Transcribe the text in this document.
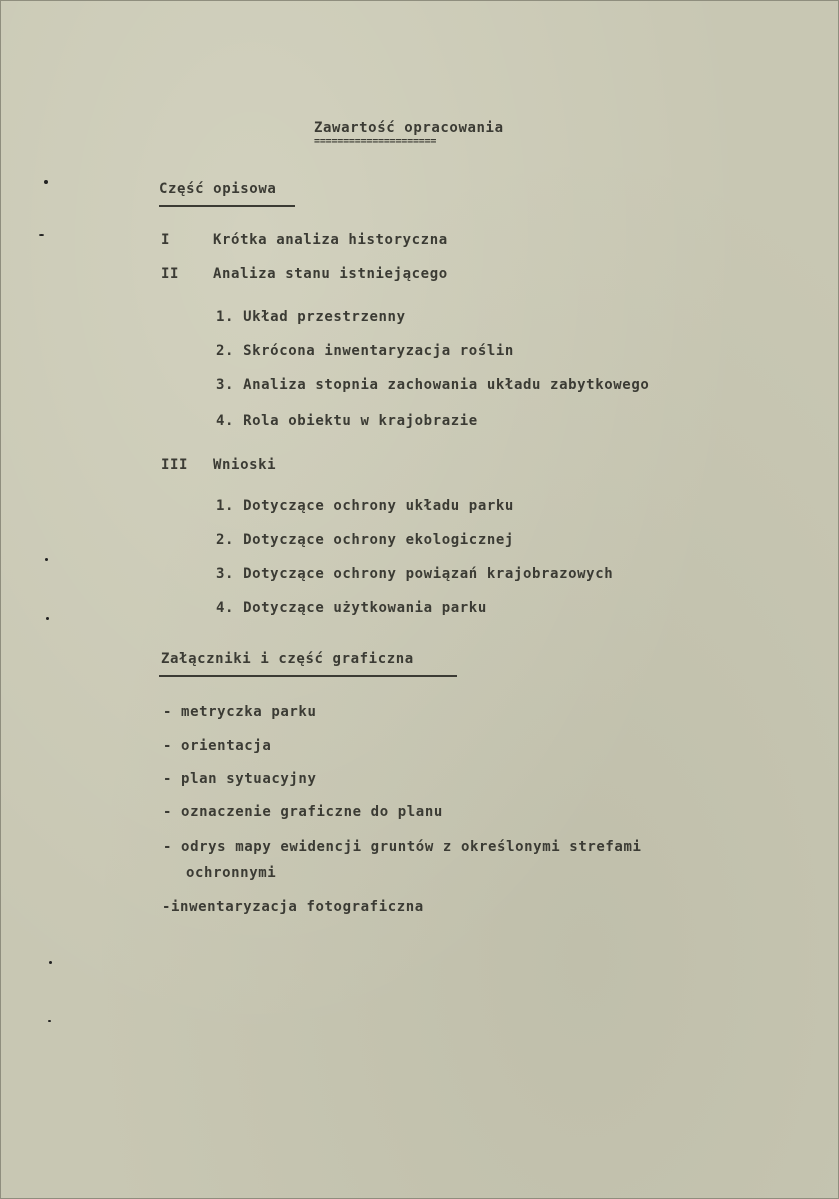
Zawartość opracowania
=====================
Część opisowa
I	Krótka analiza historyczna
II Analiza stanu istniejącego
1. Układ przestrzenny
2. Skrócona inwentaryzacja roślin
3. Analiza stopnia zachowania układu zabytkowego
4. Rola obiektu w krajobrazie
III Wnioski
1. Dotyczące ochrony układu parku
2. Dotyczące ochrony ekologicznej
3. Dotyczące ochrony powiązań krajobrazowych
4. Dotyczące użytkowania parku
Załączniki i część graficzna
- metryczka parku
- orientacja
- plan sytuacyjny
- oznaczenie graficzne do planu
- odrys mapy ewidencji gruntów z określonymi strefami
ochronnymi
-inwentaryzacja fotograficzna
